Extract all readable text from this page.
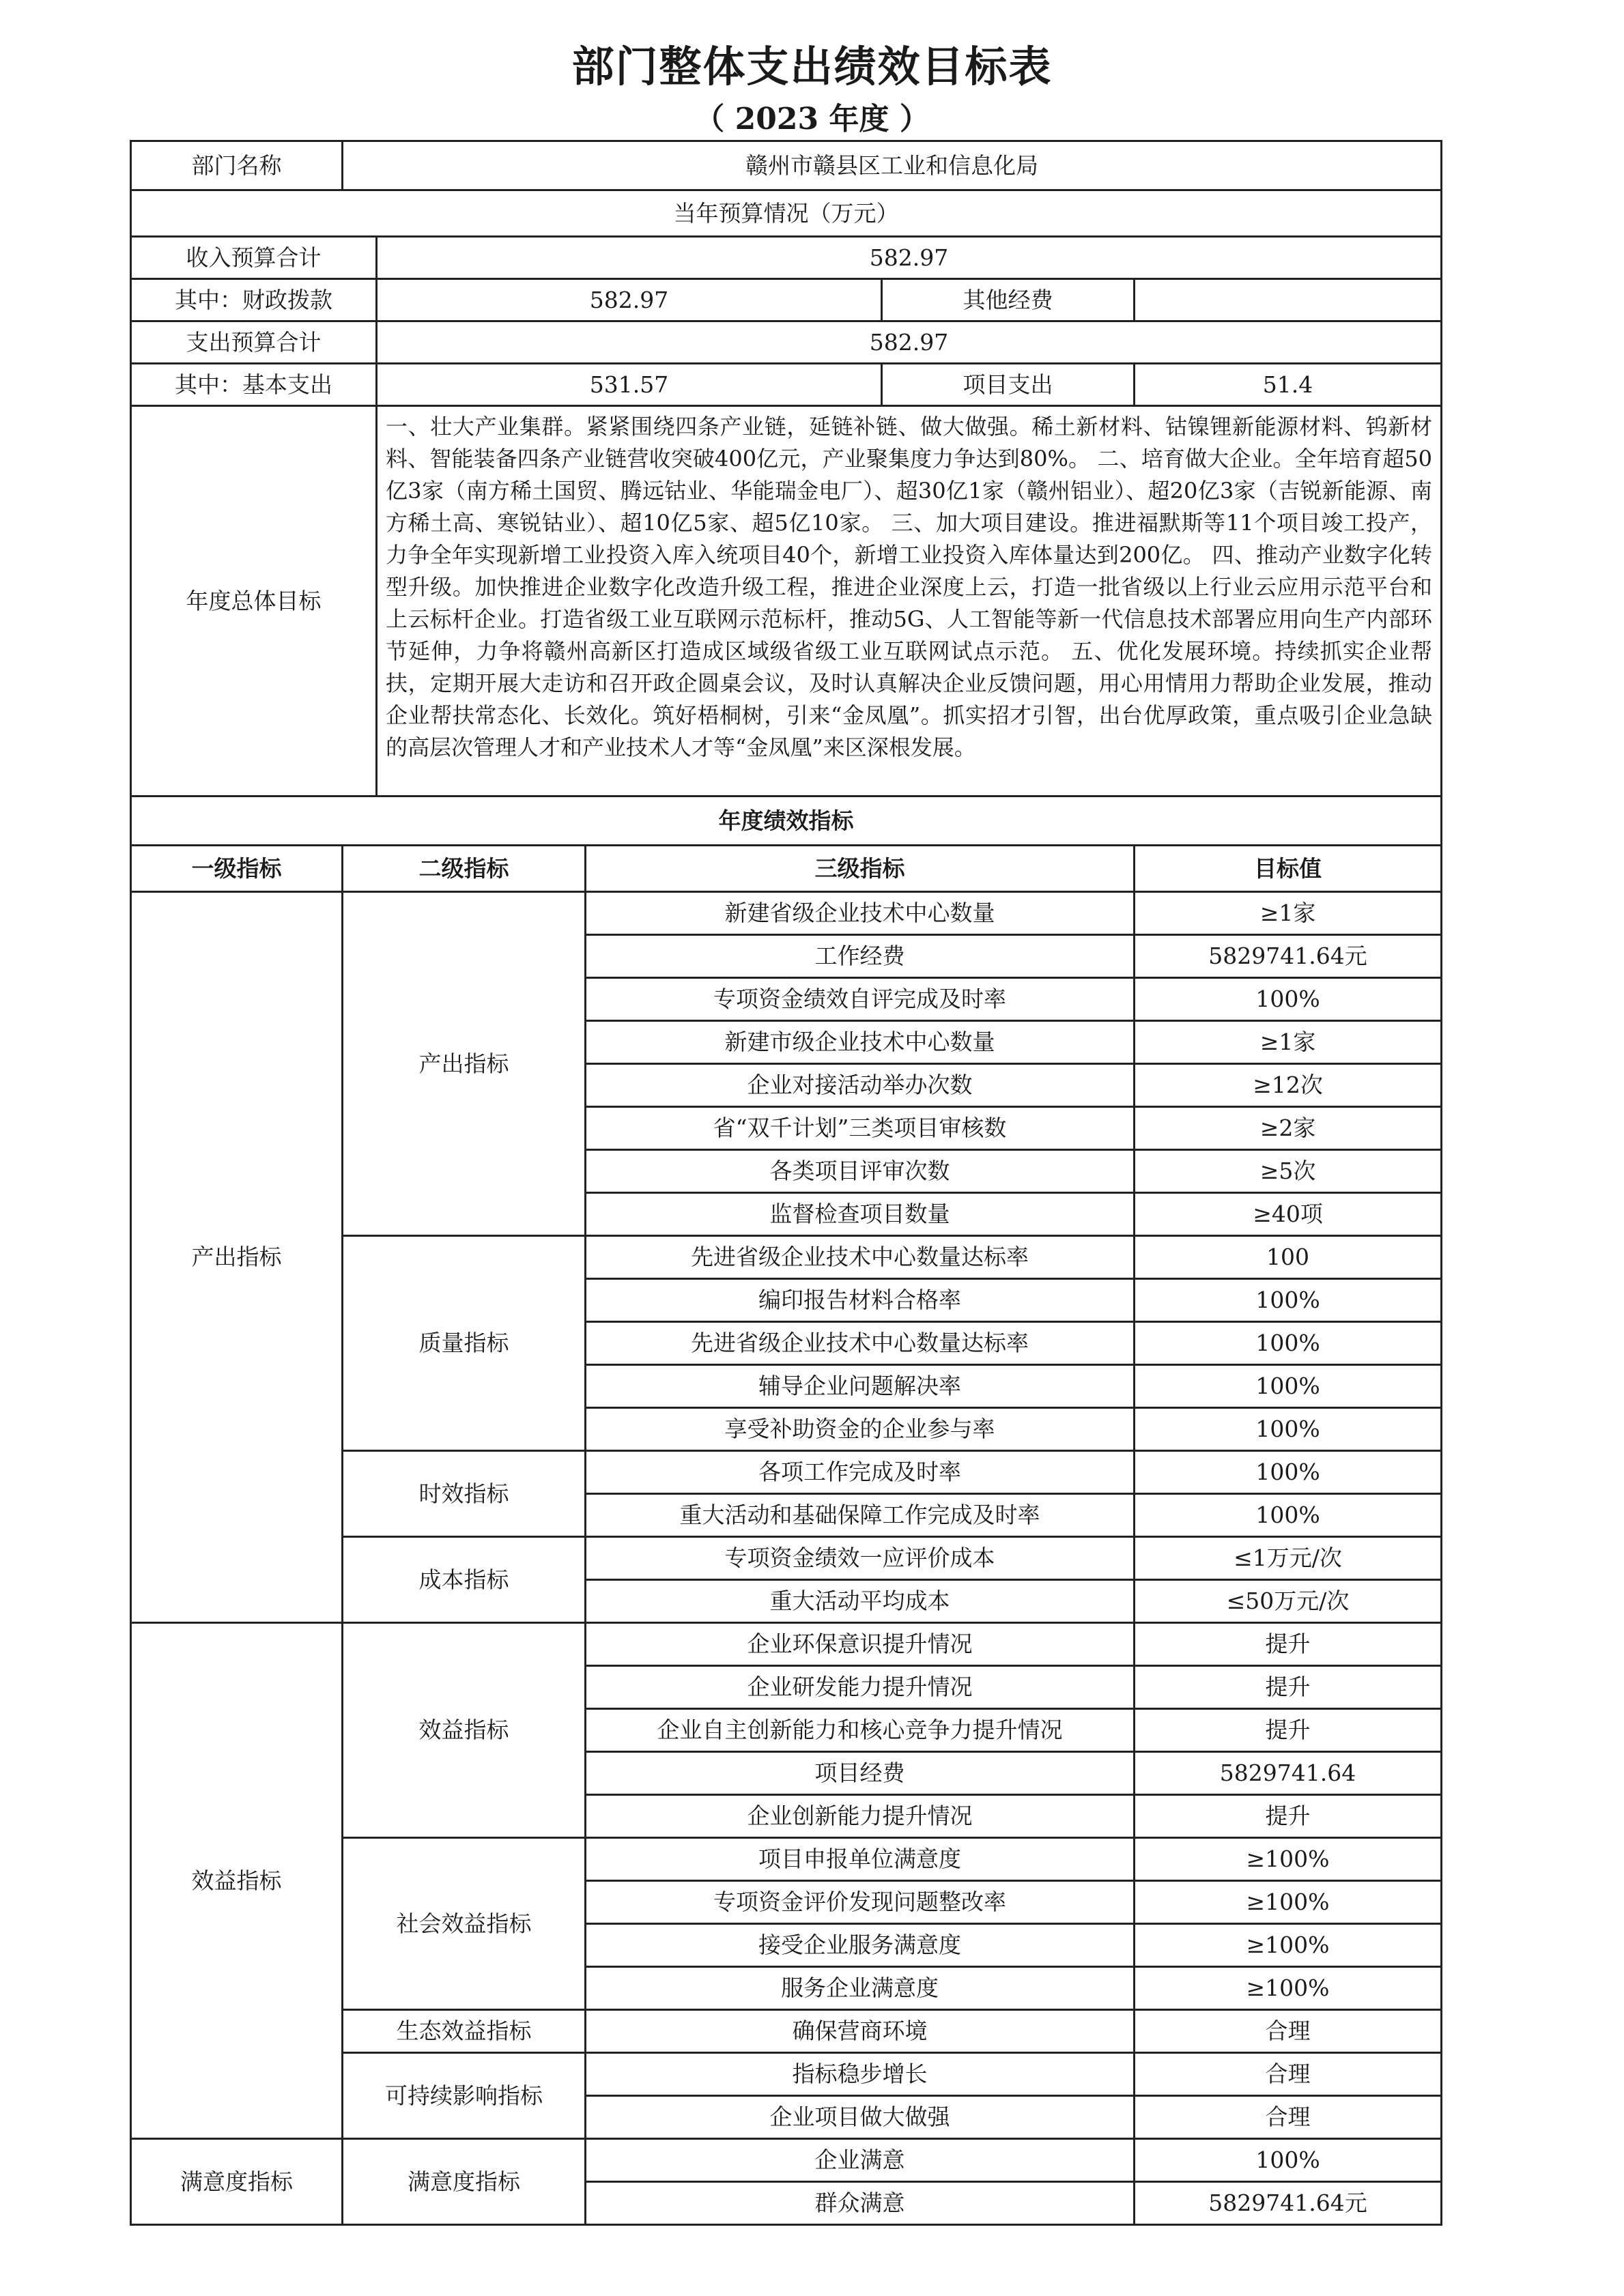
部门整体支出绩效目标表
（ 2023 年度 ）
部门名称	赣州市赣县区工业和信息化局				
当年预算情况（万元）					
收入预算合计		582.97			
其中：财政拨款		582.97		其他经费	
支出预算合计		582.97			
其中：基本支出		531.57		项目支出	51.4
年度总体目标		一、壮大产业集群。紧紧围绕四条产业链，延链补链、做大做强。稀土新材料、钴镍锂新能源材料、钨新材料、智能装备四条产业链营收突破400亿元，产业聚集度力争达到80%。 二、培育做大企业。全年培育超50亿3家（南方稀土国贸、腾远钴业、华能瑞金电厂）、超30亿1家（赣州铝业）、超20亿3家（吉锐新能源、南方稀土高、寒锐钴业）、超10亿5家、超5亿10家。 三、加大项目建设。推进福默斯等11个项目竣工投产，力争全年实现新增工业投资入库入统项目40个，新增工业投资入库体量达到200亿。 四、推动产业数字化转型升级。加快推进企业数字化改造升级工程，推进企业深度上云，打造一批省级以上行业云应用示范平台和上云标杆企业。打造省级工业互联网示范标杆，推动5G、人工智能等新一代信息技术部署应用向生产内部环节延伸，力争将赣州高新区打造成区域级省级工业互联网试点示范。 五、优化发展环境。持续抓实企业帮扶，定期开展大走访和召开政企圆桌会议，及时认真解决企业反馈问题，用心用情用力帮助企业发展，推动企业帮扶常态化、长效化。筑好梧桐树，引来“金凤凰”。抓实招才引智，出台优厚政策，重点吸引企业急缺的高层次管理人才和产业技术人才等“金凤凰”来区深根发展。			
年度绩效指标					
一级指标	二级指标		三级指标		目标值
产出指标	产出指标		新建省级企业技术中心数量		≥1家
			工作经费		5829741.64元
			专项资金绩效自评完成及时率		100%
			新建市级企业技术中心数量		≥1家
			企业对接活动举办次数		≥12次
			省“双千计划”三类项目审核数		≥2家
			各类项目评审次数		≥5次
			监督检查项目数量		≥40项
	质量指标		先进省级企业技术中心数量达标率		100
			编印报告材料合格率		100%
			先进省级企业技术中心数量达标率		100%
			辅导企业问题解决率		100%
			享受补助资金的企业参与率		100%
	时效指标		各项工作完成及时率		100%
			重大活动和基础保障工作完成及时率		100%
	成本指标		专项资金绩效一应评价成本		≤1万元/次
			重大活动平均成本		≤50万元/次
效益指标	效益指标		企业环保意识提升情况		提升
			企业研发能力提升情况		提升
			企业自主创新能力和核心竞争力提升情况		提升
			项目经费		5829741.64
			企业创新能力提升情况		提升
	社会效益指标		项目申报单位满意度		≥100%
			专项资金评价发现问题整改率		≥100%
			接受企业服务满意度		≥100%
			服务企业满意度		≥100%
	生态效益指标		确保营商环境		合理
	可持续影响指标		指标稳步增长		合理
			企业项目做大做强		合理
满意度指标	满意度指标		企业满意		100%
			群众满意		5829741.64元
